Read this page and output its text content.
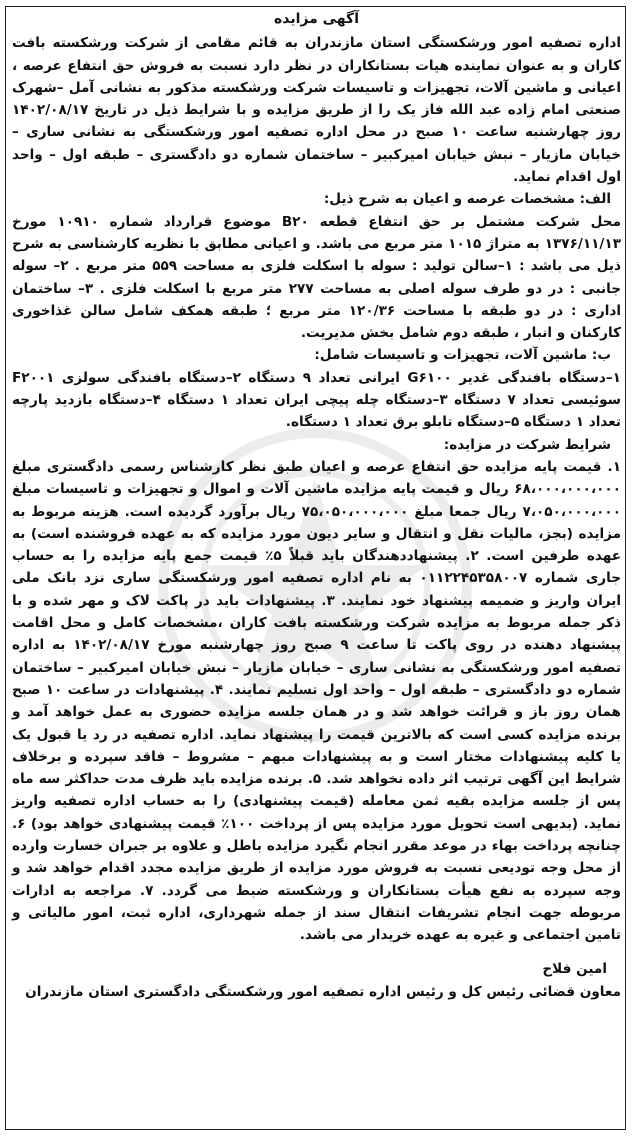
آگهی مزایده

اداره تصفیه امور ورشکستگی استان مازندران به قائم مقامی از شرکت ورشکسته بافت کاران و به عنوان نماینده هیات بستانکاران در نظر دارد نسبت به فروش حق انتفاع عرصه ، اعیانی و ماشین آلات، تجهیزات و تاسیسات شرکت ورشکسته مذکور به نشانی آمل –شهرک صنعتی امام زاده عبد الله فاز یک را از طریق مزایده و با شرایط ذیل در تاریخ ۱۴۰۲/۰۸/۱۷ روز چهارشنبه ساعت ۱۰ صبح در محل اداره تصفیه امور ورشکستگی به نشانی ساری – خیابان مازیار – نبش خیابان امیرکبیر – ساختمان شماره دو دادگستری – طبقه اول – واحد اول اقدام نماید.

الف: مشخصات عرصه و اعیان به شرح ذیل:

محل شرکت مشتمل بر حق انتفاع قطعه B۲۰ موضوع قرارداد شماره ۱۰۹۱۰ مورخ ۱۳۷۶/۱۱/۱۳ به متراژ ۱۰۱۵ متر مربع می باشد. و اعیانی مطابق با نظریه کارشناسی به شرح ذیل می باشد : ۱–سالن تولید : سوله با اسکلت فلزی به مساحت ۵۵۹ متر مربع . ۲– سوله جانبی : در دو طرف سوله اصلی به مساحت ۲۷۷ متر مربع با اسکلت فلزی . ۳– ساختمان اداری : در دو طبقه با مساحت ۱۲۰/۳۶ متر مربع ؛ طبقه همکف شامل سالن غذاخوری کارکنان و انبار ، طبقه دوم شامل بخش مدیریت.

ب: ماشین آلات، تجهیزات و تاسیسات شامل:

۱–دستگاه بافندگی غدیر G۶۱۰۰ ایرانی تعداد ۹ دستگاه ۲–دستگاه بافندگی سولزی F۲۰۰۱ سوئیسی تعداد ۷ دستگاه ۳–دستگاه چله پیچی ایران تعداد ۱ دستگاه ۴–دستگاه بازدید پارچه تعداد ۱ دستگاه ۵–دستگاه تابلو برق تعداد ۱ دستگاه.

شرایط شرکت در مزایده:

۱. قیمت پایه مزایده حق انتفاع عرصه و اعیان طبق نظر کارشناس رسمی دادگستری مبلغ ۶۸،۰۰۰،۰۰۰،۰۰۰ ریال و قیمت پایه مزایده ماشین آلات و اموال و تجهیزات و تاسیسات مبلغ ۷،۰۵۰،۰۰۰،۰۰۰ ریال جمعا مبلغ ۷۵،۰۵۰،۰۰۰،۰۰۰ ریال برآورد گردیده است. هزینه مربوط به مزایده (بجز، مالیات نقل و انتقال و سایر دیون مورد مزایده که به عهده فروشنده است) به عهده طرفین است. ۲. پیشنهاددهندگان باید قبلاً ۵٪ قیمت جمع پایه مزایده را به حساب جاری شماره ۰۱۱۲۲۴۵۳۵۸۰۰۷ به نام اداره تصفیه امور ورشکستگی ساری نزد بانک ملی ایران واریز و ضمیمه پیشنهاد خود نمایند. ۳. پیشنهادات باید در پاکت لاک و مهر شده و با ذکر جمله مربوط به مزایده شرکت ورشکسته بافت کاران ،مشخصات کامل و محل اقامت پیشنهاد دهنده در روی پاکت تا ساعت ۹ صبح روز چهارشنبه مورخ ۱۴۰۲/۰۸/۱۷ به اداره تصفیه امور ورشکستگی به نشانی ساری – خیابان مازیار – نبش خیابان امیرکبیر – ساختمان شماره دو دادگستری – طبقه اول – واحد اول تسلیم نمایند. ۴. پیشنهادات در ساعت ۱۰ صبح همان روز باز و قرائت خواهد شد و در همان جلسه مزایده حضوری به عمل خواهد آمد و برنده مزایده کسی است که بالاترین قیمت را پیشنهاد نماید. اداره تصفیه در رد یا قبول یک یا کلیه پیشنهادات مختار است و به پیشنهادات مبهم – مشروط – فاقد سپرده و برخلاف شرایط این آگهی ترتیب اثر داده نخواهد شد. ۵. برنده مزایده باید ظرف مدت حداکثر سه ماه پس از جلسه مزایده بقیه ثمن معامله (قیمت پیشنهادی) را به حساب اداره تصفیه واریز نماید. (بدیهی است تحویل مورد مزایده پس از پرداخت ۱۰۰٪ قیمت پیشنهادی خواهد بود) ۶. چنانچه پرداخت بهاء در موعد مقرر انجام نگیرد مزایده باطل و علاوه بر جبران خسارت وارده از محل وجه تودیعی نسبت به فروش مورد مزایده از طریق مزایده مجدد اقدام خواهد شد و وجه سپرده به نفع هیأت بستانکاران و ورشکسته ضبط می گردد. ۷. مراجعه به ادارات مربوطه جهت انجام تشریفات انتقال سند از جمله شهرداری، اداره ثبت، امور مالیاتی و تامین اجتماعی و غیره به عهده خریدار می باشد.

امین فلاح

معاون قضائی رئیس کل و رئیس اداره تصفیه امور ورشکستگی دادگستری استان مازندران
